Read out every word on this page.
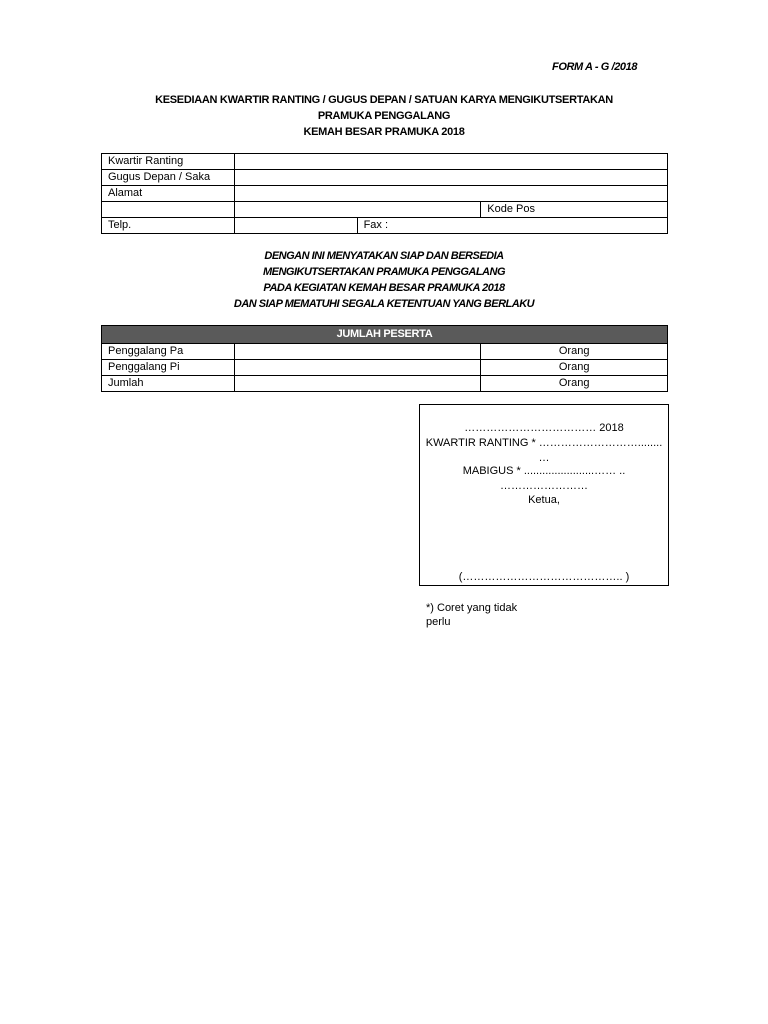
FORM A - G /2018
KESEDIAAN KWARTIR RANTING / GUGUS DEPAN / SATUAN KARYA MENGIKUTSERTAKAN
PRAMUKA PENGGALANG
KEMAH BESAR PRAMUKA 2018
Kwartir Ranting			
Gugus Depan / Saka			
Alamat			
			Kode Pos
Telp.		Fax :	
DENGAN INI MENYATAKAN SIAP DAN BERSEDIA
MENGIKUTSERTAKAN PRAMUKA PENGGALANG
PADA KEGIATAN KEMAH BESAR PRAMUKA 2018
DAN SIAP MEMATUHI SEGALA KETENTUAN YANG BERLAKU
JUMLAH PESERTA		
Penggalang Pa		Orang
Penggalang Pi		Orang
Jumlah		Orang
……………………………… 2018
KWARTIR RANTING * ………………………........
…
MABIGUS * .......................…… ..
……………………
Ketua,
(…………………………………….. )
*) Coret yang tidak perlu
